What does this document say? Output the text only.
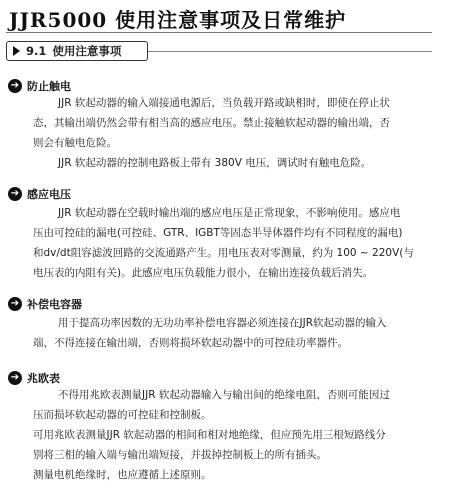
JJR5000 使用注意事项及日常维护
9.1 使用注意事项
➔ 防止触电
JJR 软起动器的输入端接通电源后，当负载开路或缺相时，即使在停止状
态，其输出端仍然会带有相当高的感应电压。禁止接触软起动器的输出端，否
则会有触电危险。
JJR 软起动器的控制电路板上带有 380V 电压，调试时有触电危险。
➔ 感应电压
JJR 软起动器在空载时输出端的感应电压是正常现象，不影响使用。感应电
压由可控硅的漏电(可控硅、GTR、IGBT等固态半导体器件均有不同程度的漏电)
和dv/dt阻容滤波回路的交流通路产生。用电压表对零测量，约为 100 ~ 220V(与
电压表的内阻有关)。此感应电压负载能力很小，在输出连接负载后消失。
➔ 补偿电容器
用于提高功率因数的无功功率补偿电容器必须连接在JJR软起动器的输入
端，不得连接在输出端，否则将损坏软起动器中的可控硅功率器件。
➔ 兆欧表
不得用兆欧表测量JJR 软起动器输入与输出间的绝缘电阻，否则可能因过
压而损坏软起动器的可控硅和控制板。
可用兆欧表测量JJR 软起动器的相间和相对地绝缘，但应预先用三根短路线分
别将三相的输入端与输出端短接，并拔掉控制板上的所有插头。
测量电机绝缘时，也应遵循上述原则。
